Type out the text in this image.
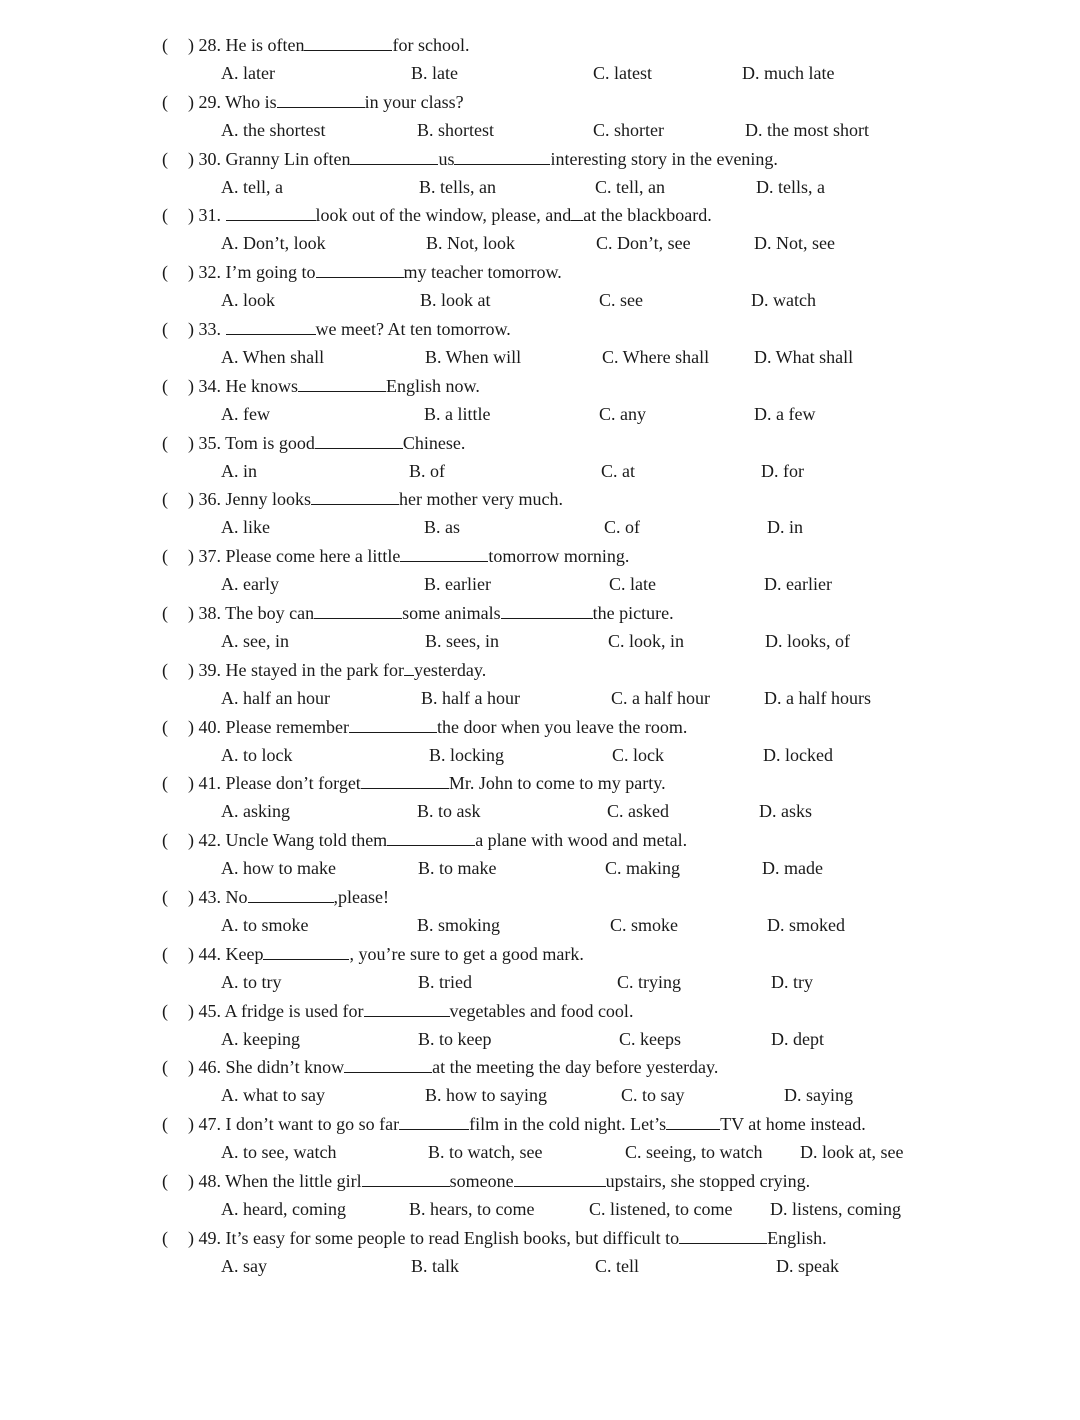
( ) 28. He is often	for school.
A. later	B. late	C. latest	D. much late
( ) 29. Who is	in your class?
A. the shortest	B. shortest	C. shorter	D. the most short
( ) 30. Granny Lin often	us	interesting story in the evening.
A. tell, a	B. tells, an	C. tell, an	D. tells, a
( ) 31.	look out of the window, please, and at the blackboard.
A. Don’t, look	B. Not, look	C. Don’t, see	D. Not, see
( ) 32. I’m going to	my teacher tomorrow.
A. look	B. look at	C. see	D. watch
( ) 33.	we meet? At ten tomorrow.
A. When shall	B. When will	C. Where shall D. What shall
( ) 34. He knows	English now.
A. few	B. a little	C. any	D. a few
( ) 35. Tom is good	Chinese.
A. in	B. of	C. at	D. for
( ) 36. Jenny looks	her mother very much.
A. like	B. as	C. of	D. in
( ) 37. Please come here a little	tomorrow morning.
A. early	B. earlier	C. late	D. earlier
( ) 38. The boy can	some animals	the picture.
A. see, in	B. sees, in	C. look, in	D. looks, of
( ) 39. He stayed in the park for yesterday.
A. half an hour	B. half a hour	C. a half hour	D. a half hours
( ) 40. Please remember	the door when you leave the room.
A. to lock	B. locking	C. lock	D. locked
( ) 41. Please don’t forget	Mr. John to come to my party.
A. asking	B. to ask	C. asked	D. asks
( ) 42. Uncle Wang told them	a plane with wood and metal.
A. how to make	B. to make	C. making	D. made
( ) 43. No	,please!
A. to smoke	B. smoking	C. smoke	D. smoked
( ) 44. Keep	, you’re sure to get a good mark.
A. to try	B. tried	C. trying	D. try
( ) 45. A fridge is used for	vegetables and food cool.
A. keeping	B. to keep	C. keeps	D. dept
( ) 46. She didn’t know	at the meeting the day before yesterday.
A. what to say	B. how to saying	C. to say	D. saying
( ) 47. I don’t want to go so far	film in the cold night. Let’s	TV at home instead.
A. to see, watch	B. to watch, see	C. seeing, to watch D. look at, see
( ) 48. When the little girl	someone	upstairs, she stopped crying.
A. heard, coming	B. hears, to come	C. listened, to come D. listens, coming
( ) 49. It’s easy for some people to read English books, but difficult to	English.
A. say	B. talk	C. tell	D. speak
